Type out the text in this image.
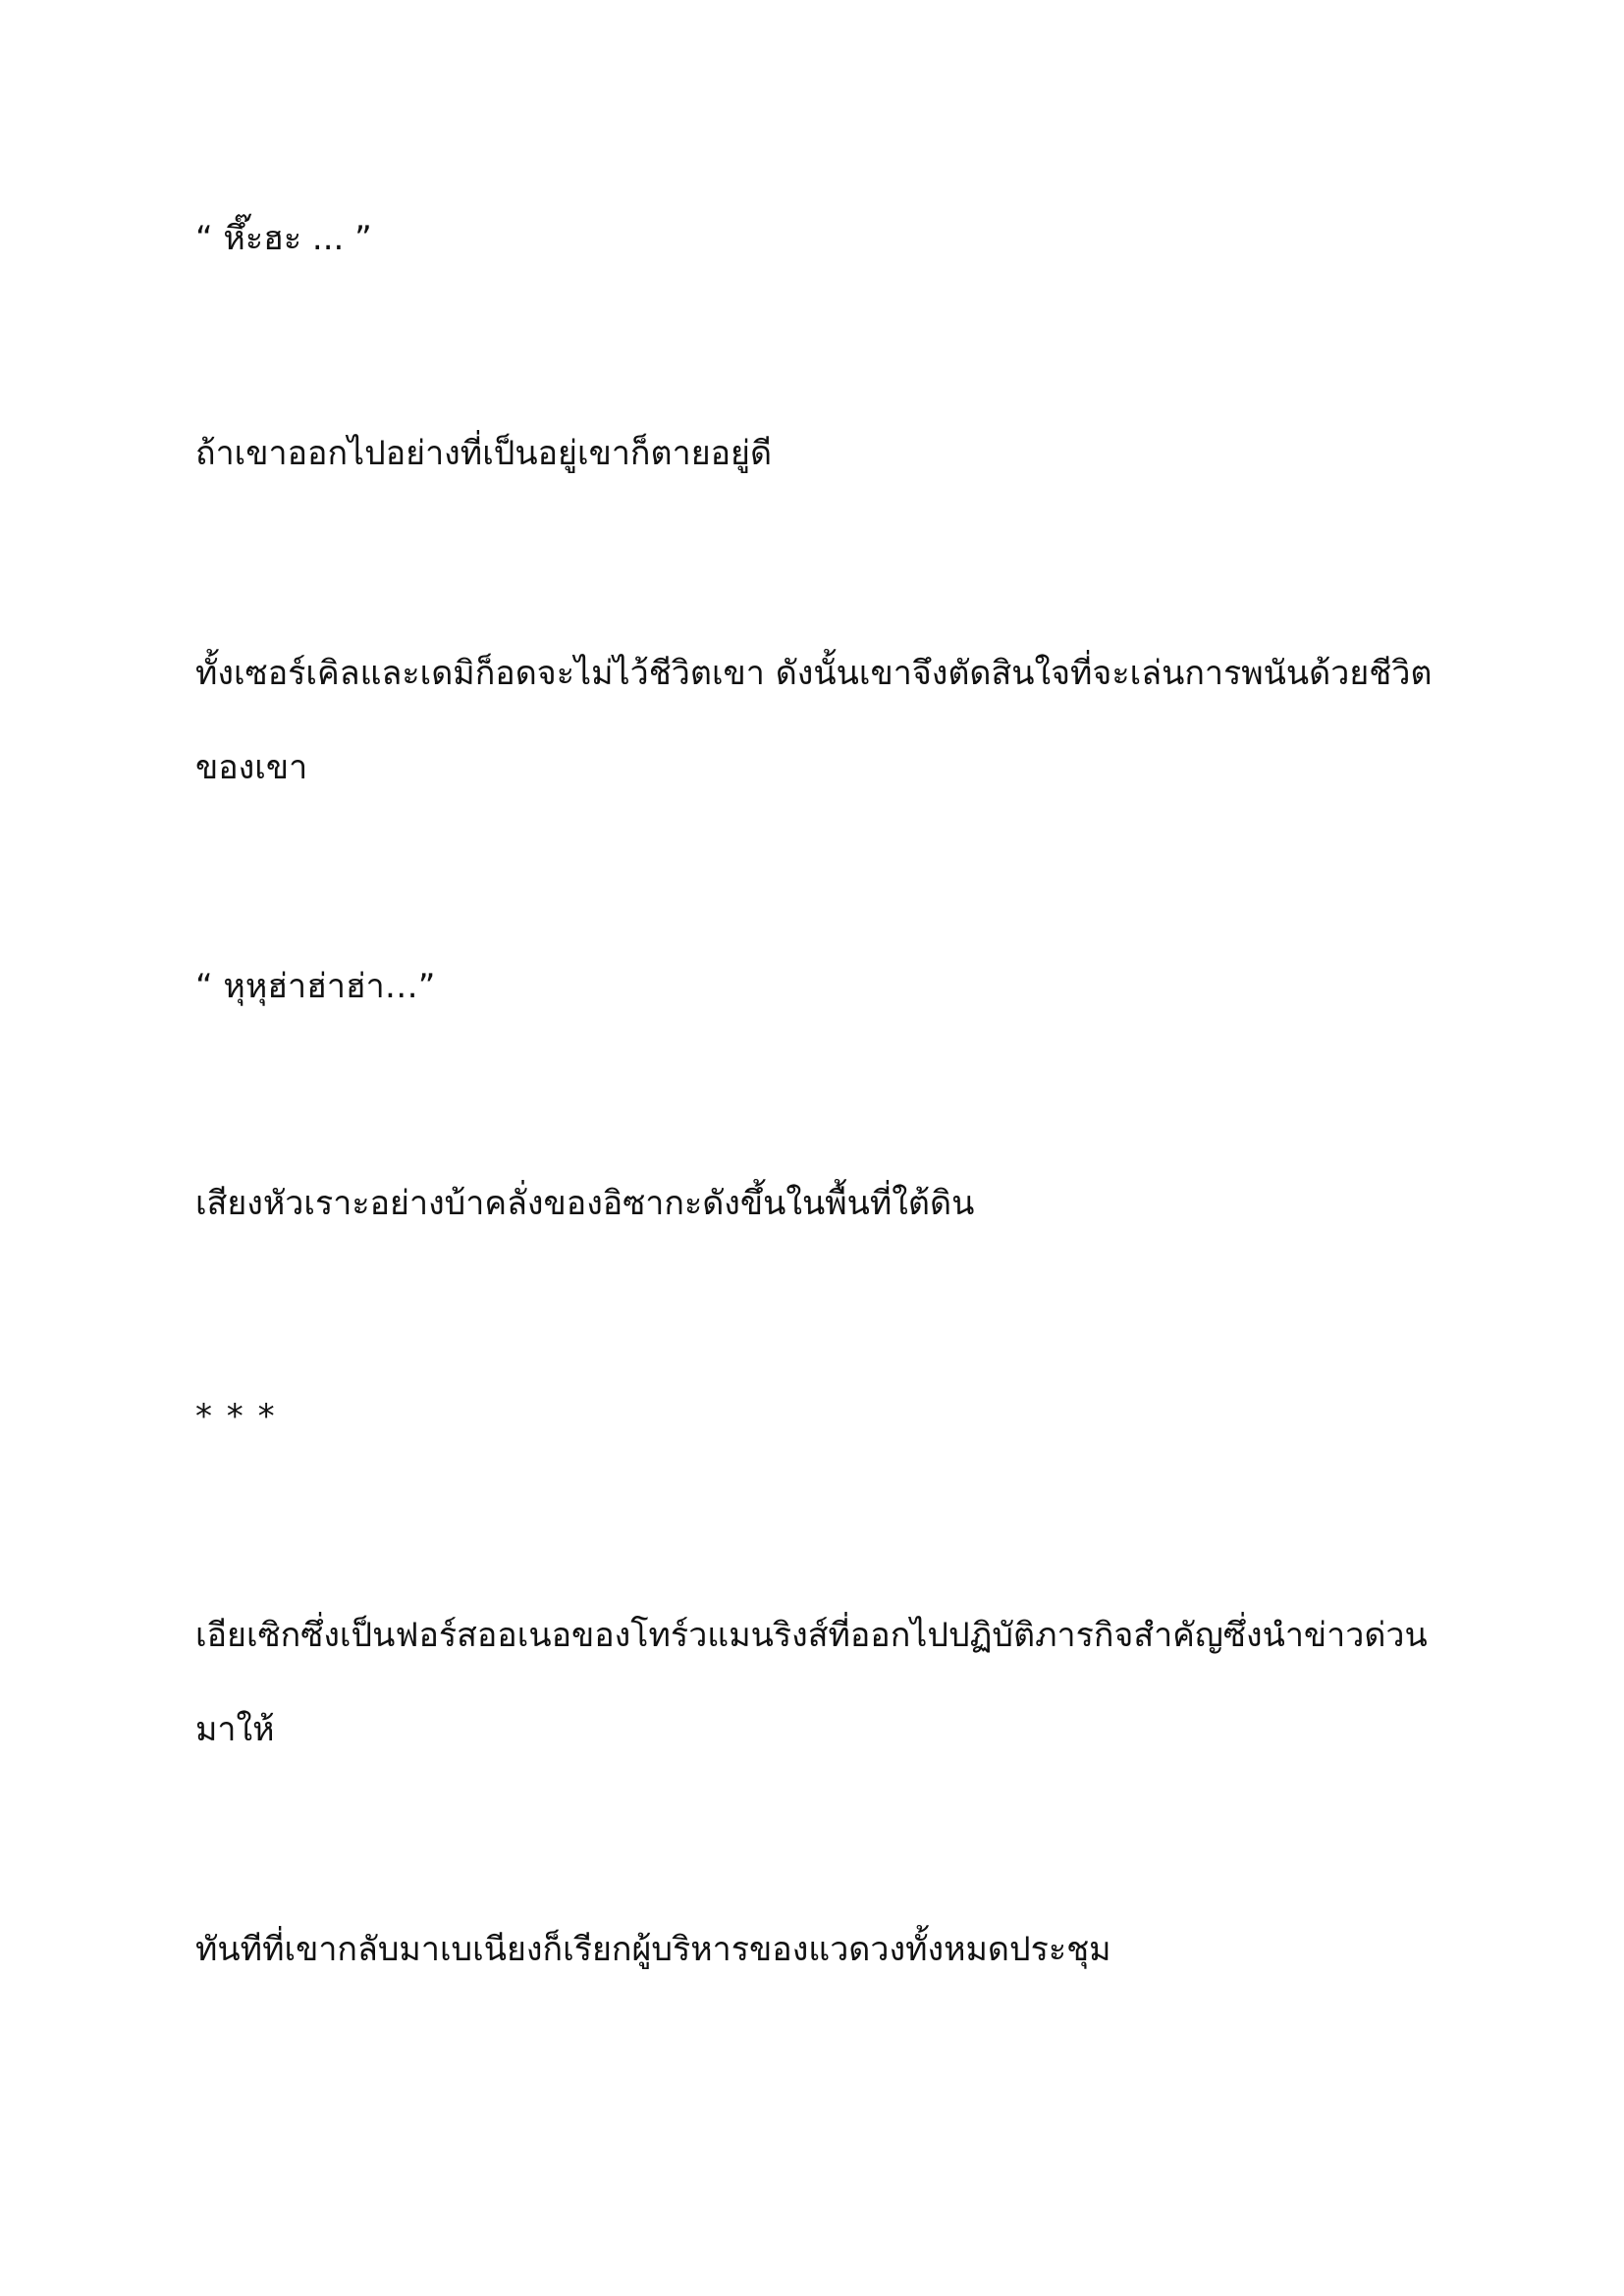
“ หึ๊ะฮะ ... ”

ถ้าเขาออกไปอย่างที่เป็นอยู่เขาก็ตายอยู่ดี

ทั้งเซอร์เคิลและเดมิก็อดจะไม่ไว้ชีวิตเขา ดังนั้นเขาจึงตัดสินใจที่จะเล่นการพนันด้วยชีวิตของเขา

“ หุหุฮ่าฮ่าฮ่า…”

เสียงหัวเราะอย่างบ้าคลั่งของอิซากะดังขึ้นในพื้นที่ใต้ดิน

* * *

เอียเซิกซึ่งเป็นฟอร์สออเนอของโทร์วแมนริงส์ที่ออกไปปฏิบัติภารกิจสำคัญซึ่งนำข่าวด่วนมาให้

ทันทีที่เขากลับมาเบเนียงก็เรียกผู้บริหารของแวดวงทั้งหมดประชุม
